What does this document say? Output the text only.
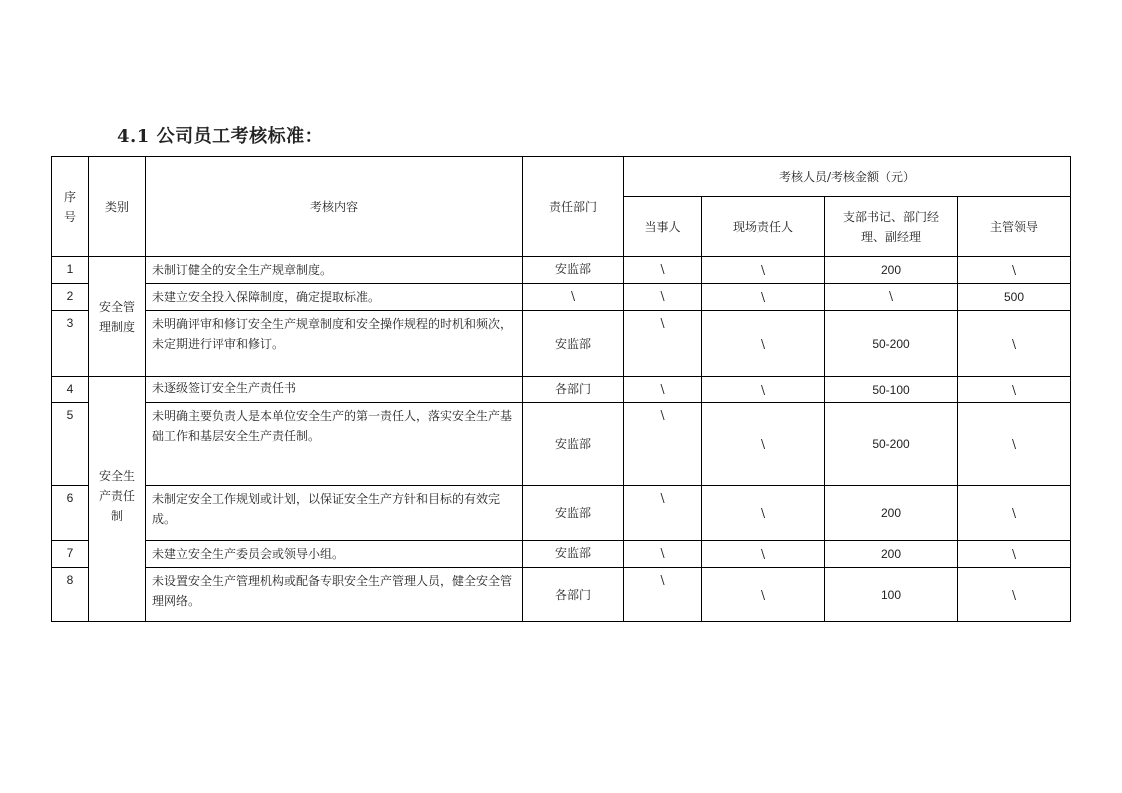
4.1 公司员工考核标准：
序号	类别	考核内容	责任部门	考核人员/考核金额（元）			
				当事人	现场责任人	支部书记、部门经理、副经理	主管领导
1	安全管理制度	未制订健全的安全生产规章制度。	安监部	\	\	200	\
2		未建立安全投入保障制度，确定提取标准。	\	\	\	\	500
3		未明确评审和修订安全生产规章制度和安全操作规程的时机和频次，未定期进行评审和修订。	安监部	\	\	50-200	\
4	安全生产责任制	未逐级签订安全生产责任书	各部门	\	\	50-100	\
5		未明确主要负责人是本单位安全生产的第一责任人，落实安全生产基础工作和基层安全生产责任制。	安监部	\	\	50-200	\
6		未制定安全工作规划或计划，以保证安全生产方针和目标的有效完成。	安监部	\	\	200	\
7		未建立安全生产委员会或领导小组。	安监部	\	\	200	\
8		未设置安全生产管理机构或配备专职安全生产管理人员，健全安全管理网络。	各部门	\	\	100	\
